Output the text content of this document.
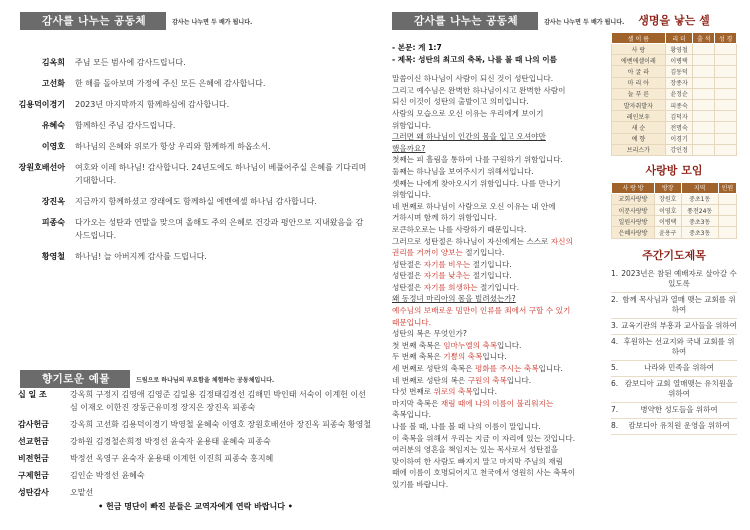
감사를 나누는 공동체	감사는 나누면 두 배가 됩니다.
김옥희	주님 모든 범사에 감사드립니다.
고선화	한 해를 돌아보며 가정에 주신 모든 은혜에 감사합니다.
김용덕이경기	2023년 마지막까지 함께하심에 감사합니다.
유혜숙	함께하신 주님 감사드립니다.
이영호	하나님의 은혜와 위로가 항상 우리와 함께하게 하옵소서.
장원호배선아	여호와 이레 하나님! 감사합니다. 24년도에도 하나님이 베풀어주실 은혜를 기다리며 기대합니다.
장진옥	지금까지 함께하셨고 장래에도 함께하실 에벤에셀 하나님 감사합니다.
피종숙	다가오는 성탄과 연말을 맞으며 올해도 주의 은혜로 건강과 평안으로 지내왔음을 감사드립니다.
황영철	하나님! 늘 아버지께 감사를 드립니다.
향기로운 예물	드림으로 하나님의 부요함을 체험하는 공동체입니다.
십 일 조	강옥희 구정지 김영애 김영준 김일용 김정태김경선 김해민 박인태 서숙이 이계헌 이선심 이재오 이한진 장동근유미정 장지은 장진옥 피종숙
감사헌금	강옥희 고선화 김용덕이경기 박영철 윤혜숙 이영호 장원호배선아 장진옥 피종숙 황영철
선교헌금	강하원 김경철손희정 박정선 윤숙자 윤용태 윤혜숙 피종숙
비전헌금	박정선 옥영구 윤숙자 윤용태 이계헌 이진희 피종숙 홍지혜
구제헌금	김인순 박정선 윤혜숙
성탄감사	오맡선
• 헌금 명단이 빠진 분들은 교역자에게 연락 바랍니다 •
감사를 나누는 공동체	감사는 나누면 두 배가 됩니다.
- 본문: 게 1:7
- 제목: 성탄의 최고의 축복, 나를 볼 때 나의 이름
말씀이신 하나님이 사람이 되신 것이 성탄입니다.
그리고 예수님은 완벽한 하나님이시고 완벽한 사람이
되신 이것이 성탄의 출발이고 의미입니다.
사람의 모습으로 오신 이유는 우리에게 보이기
위함입니다.
그러면 왜 하나님이 인간의 몸을 입고 오셔야만
했을까요?
첫째는 피 흘림을 통하여 나를 구원하기 위함입니다.
둘째는 하나님을 보여주시기 위해서입니다.
셋째는 나에게 찾아오시기 위함입니다. 나를 만나기
위함입니다.
네 번째로 하나님이 사람으로 오신 이유는 내 안에
거하시며 함께 하기 위함입니다.
로큰하오로는 나를 사랑하기 때문입니다.
그러므로 성탄절은 하나님이 자신에게는 스스로 자신의
권리를 거꺼이 양보는 절기입니다.
성탄절은 자기를 비우는 절기입니다.
성탄절은 자기를 낮추는 절기입니다.
성탄절은 자기를 희생하는 절기입니다.
왜 동정녀 마리아의 몸을 빌려셨는가?
예수님의 보배로운 밈만이 인류를 죄에서 구할 수 있기
때문입니다.
성탄의 복은 무엇인가?
첫 번째 축복은 임마누엘의 축복입니다.
두 번째 축복은 기쁨의 축복입니다.
세 번째로 성탄의 축복은 평화를 주시는 축복입니다.
네 번째로 성탄의 복은 구원의 축복입니다.
다섯 번째로 위로의 축복입니다.
마지막 축복은 재림 때에 나의 이름이 불리워지는
축복입니다.
나를 볼 때, 나를 볼 때 나의 이름이 말입니다.
이 축복을 위해서 우리는 지금 이 자리에 있는 것입니다.
여러분의 영혼을 책임지는 있는 목사로서 성탄절을
맞이하여 한 사람도 빠지지 말고 마지막 주님의 재림
때에 이름이 호명되어지고 천국에서 영원히 사는 축복이
있기를 바랍니다.
생명을 낳는 셀
셀 이 름	리 더	출 석	성 경
사 랑	황영철		
에벤에셀이레	이병택		
아 굴 라	김동덕		
마 리 아	장종자		
늘 푸 른	윤정순		
발자취발자	피종숙		
레인보우	김덕자		
새 순	전명숙		
예 향	이경기		
브리스가	강인정		
사랑방 모임
사 랑 방	방장	지역	인원
교회사랑방	장원호	중초1동	
이문사랑방	이영호	풍전24동	
일원사랑방	이병택	중초3동	
은혜사랑방	윤용구	중초3동	
주간기도제목
1. 2023년은 참된 예배자로 살아갈 수 있도록
2. 함께 목사님과 열매 맺는 교회를 위하여
3. 교육기관의 부흥과 교사들을 위하여
4. 후원하는 선교지와 국내 교회를 위하여
5.	나라와 민족을 위하여
6. 캄보디아 교회 열매맺는 유치원을 위하여
7.	병약한 성도들을 위하여
8.	캄보디아 유치원 운영을 위하여
